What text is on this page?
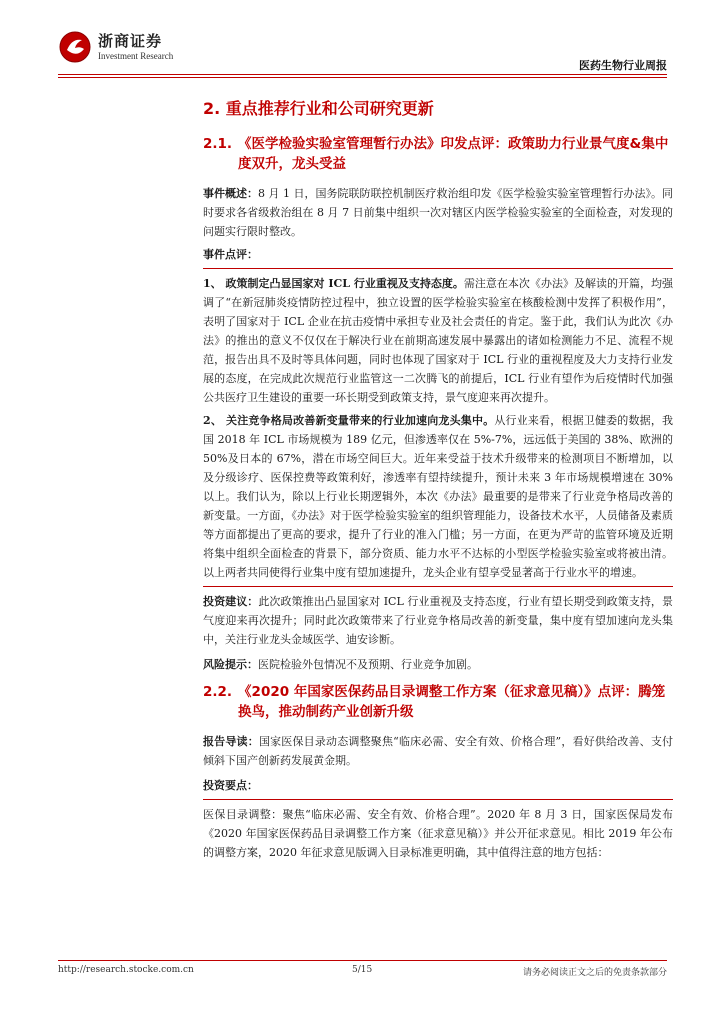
浙商证券
Investment Research
医药生物行业周报
2. 重点推荐行业和公司研究更新
2.1. 《医学检验实验室管理暂行办法》印发点评：政策助力行业景气度&集中度双升，龙头受益

事件概述：8 月 1 日，国务院联防联控机制医疗救治组印发《医学检验实验室管理暂行办法》。同时要求各省级救治组在 8 月 7 日前集中组织一次对辖区内医学检验实验室的全面检查，对发现的问题实行限时整改。

事件点评：

1、 政策制定凸显国家对 ICL 行业重视及支持态度。需注意在本次《办法》及解读的开篇，均强调了“在新冠肺炎疫情防控过程中，独立设置的医学检验实验室在核酸检测中发挥了积极作用”，表明了国家对于 ICL 企业在抗击疫情中承担专业及社会责任的肯定。鉴于此，我们认为此次《办法》的推出的意义不仅仅在于解决行业在前期高速发展中暴露出的诸如检测能力不足、流程不规范，报告出具不及时等具体问题，同时也体现了国家对于 ICL 行业的重视程度及大力支持行业发展的态度，在完成此次规范行业监管这一二次腾飞的前提后，ICL 行业有望作为后疫情时代加强公共医疗卫生建设的重要一环长期受到政策支持，景气度迎来再次提升。

2、 关注竞争格局改善新变量带来的行业加速向龙头集中。从行业来看，根据卫健委的数据，我国 2018 年 ICL 市场规模为 189 亿元，但渗透率仅在 5%-7%，远远低于美国的 38%、欧洲的 50%及日本的 67%，潜在市场空间巨大。近年来受益于技术升级带来的检测项目不断增加，以及分级诊疗、医保控费等政策利好，渗透率有望持续提升，预计未来 3 年市场规模增速在 30%以上。我们认为，除以上行业长期逻辑外，本次《办法》最重要的是带来了行业竞争格局改善的新变量。一方面，《办法》对于医学检验实验室的组织管理能力，设备技术水平，人员储备及素质等方面都提出了更高的要求，提升了行业的准入门槛；另一方面，在更为严苛的监管环境及近期将集中组织全面检查的背景下，部分资质、能力水平不达标的小型医学检验实验室或将被出清。以上两者共同使得行业集中度有望加速提升，龙头企业有望享受显著高于行业水平的增速。

投资建议：此次政策推出凸显国家对 ICL 行业重视及支持态度，行业有望长期受到政策支持，景气度迎来再次提升；同时此次政策带来了行业竞争格局改善的新变量，集中度有望加速向龙头集中，关注行业龙头金域医学、迪安诊断。

风险提示：医院检验外包情况不及预期、行业竞争加剧。

2.2. 《2020 年国家医保药品目录调整工作方案（征求意见稿）》点评：腾笼换鸟，推动制药产业创新升级

报告导读：国家医保目录动态调整聚焦“临床必需、安全有效、价格合理”，看好供给改善、支付倾斜下国产创新药发展黄金期。

投资要点：

医保目录调整：聚焦“临床必需、安全有效、价格合理”。2020 年 8 月 3 日，国家医保局发布《2020 年国家医保药品目录调整工作方案（征求意见稿）》并公开征求意见。相比 2019 年公布的调整方案，2020 年征求意见版调入目录标准更明确，其中值得注意的地方包括：

http://research.stocke.com.cn	5/15	请务必阅读正文之后的免责条款部分
